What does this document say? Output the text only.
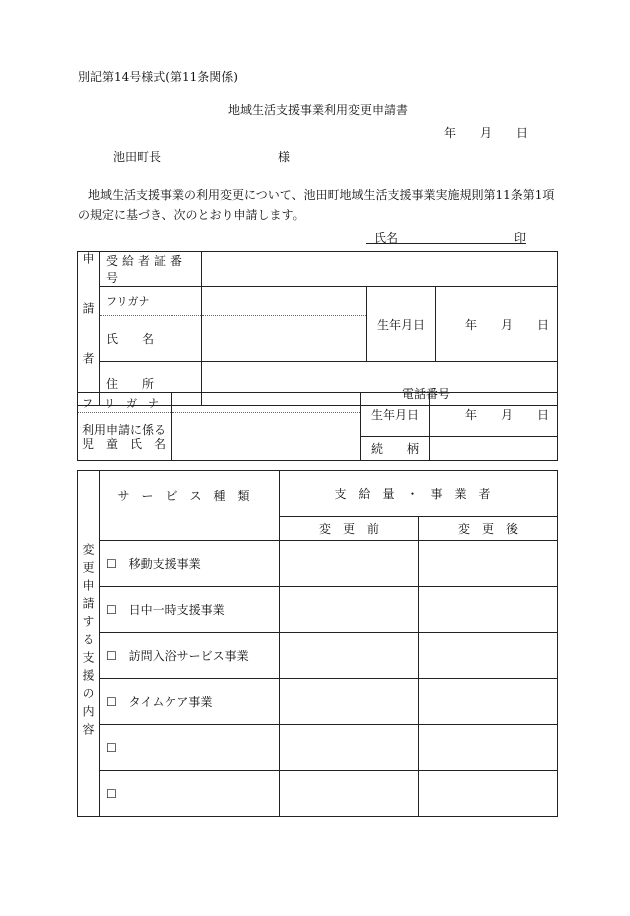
別記第14号様式(第11条関係)
地域生活支援事業利用変更申請書
年　　月　　日
池田町長	様
地域生活支援事業の利用変更について、池田町地域生活支援事業実施規則第11条第1項
の規定に基づき、次のとおり申請します。
氏名	印
申請者	受給者証番号			
	フリガナ		生年月日	年　　月　　日
	氏　　名			
	住　　所	電話番号		
フ　リ　ガ　ナ		生年月日	年　　月　　日

利用申請に係る
児　童　氏　名			

		続　　柄	
変更申請する支援の内容	サービス種類	支給量・事業者	
		変　更　前	変　更　後
	☐ 移動支援事業		
	☐ 日中一時支援事業		
	☐ 訪問入浴サービス事業		
	☐ タイムケア事業		
	☐		
	☐		
